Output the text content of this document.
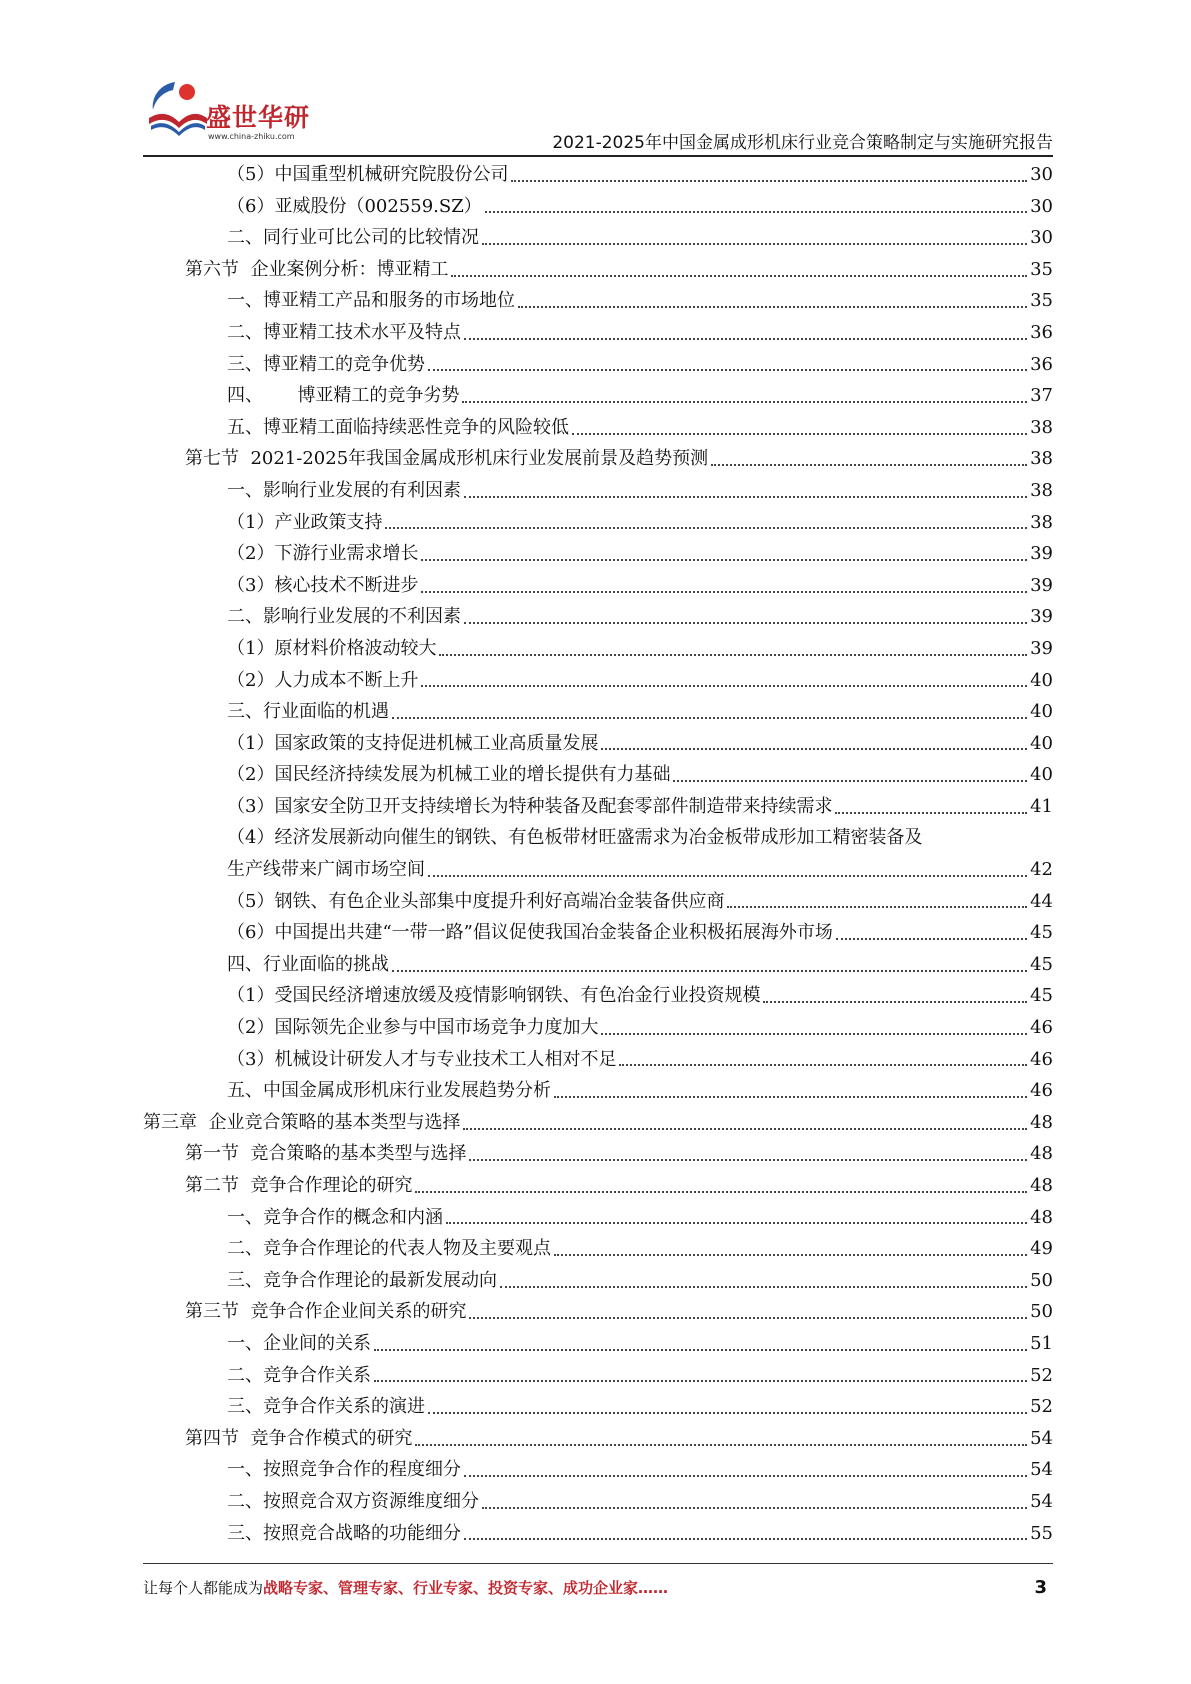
盛世华研
www.china-zhiku.com	2021-2025年中国金属成形机床行业竞合策略制定与实施研究报告
（5）中国重型机械研究院股份公司	30
（6）亚威股份（002559.SZ）	30
二、同行业可比公司的比较情况	30
第六节  企业案例分析：博亚精工	35
一、博亚精工产品和服务的市场地位	35
二、博亚精工技术水平及特点	36
三、博亚精工的竞争优势	36
四、      博亚精工的竞争劣势	37
五、博亚精工面临持续恶性竞争的风险较低	38
第七节  2021-2025年我国金属成形机床行业发展前景及趋势预测	38
一、影响行业发展的有利因素	38
（1）产业政策支持	38
（2）下游行业需求增长	39
（3）核心技术不断进步	39
二、影响行业发展的不利因素	39
（1）原材料价格波动较大	39
（2）人力成本不断上升	40
三、行业面临的机遇	40
（1）国家政策的支持促进机械工业高质量发展	40
（2）国民经济持续发展为机械工业的增长提供有力基础	40
（3）国家安全防卫开支持续增长为特种装备及配套零部件制造带来持续需求	41
（4）经济发展新动向催生的钢铁、有色板带材旺盛需求为冶金板带成形加工精密装备及
生产线带来广阔市场空间	42
（5）钢铁、有色企业头部集中度提升利好高端冶金装备供应商	44
（6）中国提出共建“一带一路”倡议促使我国冶金装备企业积极拓展海外市场	45
四、行业面临的挑战	45
（1）受国民经济增速放缓及疫情影响钢铁、有色冶金行业投资规模	45
（2）国际领先企业参与中国市场竞争力度加大	46
（3）机械设计研发人才与专业技术工人相对不足	46
五、中国金属成形机床行业发展趋势分析	46
第三章  企业竞合策略的基本类型与选择	48
第一节  竞合策略的基本类型与选择	48
第二节  竞争合作理论的研究	48
一、竞争合作的概念和内涵	48
二、竞争合作理论的代表人物及主要观点	49
三、竞争合作理论的最新发展动向	50
第三节  竞争合作企业间关系的研究	50
一、企业间的关系	51
二、竞争合作关系	52
三、竞争合作关系的演进	52
第四节  竞争合作模式的研究	54
一、按照竞争合作的程度细分	54
二、按照竞合双方资源维度细分	54
三、按照竞合战略的功能细分	55
让每个人都能成为战略专家、管理专家、行业专家、投资专家、成功企业家……	3
